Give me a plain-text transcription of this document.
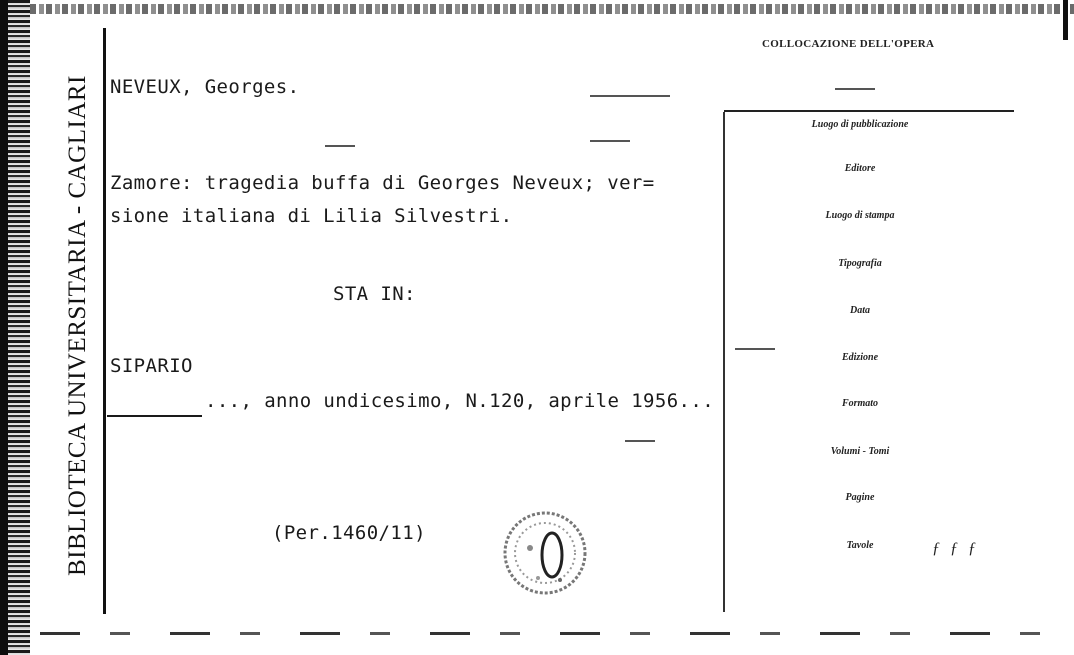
BIBLIOTECA UNIVERSITARIA - CAGLIARI	NEVEUX, Georges.
Zamore: tragedia buffa di Georges Neveux; ver=
sione italiana di Lilia Silvestri.
STA IN:
SIPARIO
..., anno undicesimo, N.120, aprile 1956...
(Per.1460/11)
COLLOCAZIONE DELL'OPERA
Luogo di pubblicazione
Editore
Luogo di stampa
Tipografia
Data
Edizione
Formato
Volumi - Tomi
Pagine
Tavole	ƒ ƒ ƒ
